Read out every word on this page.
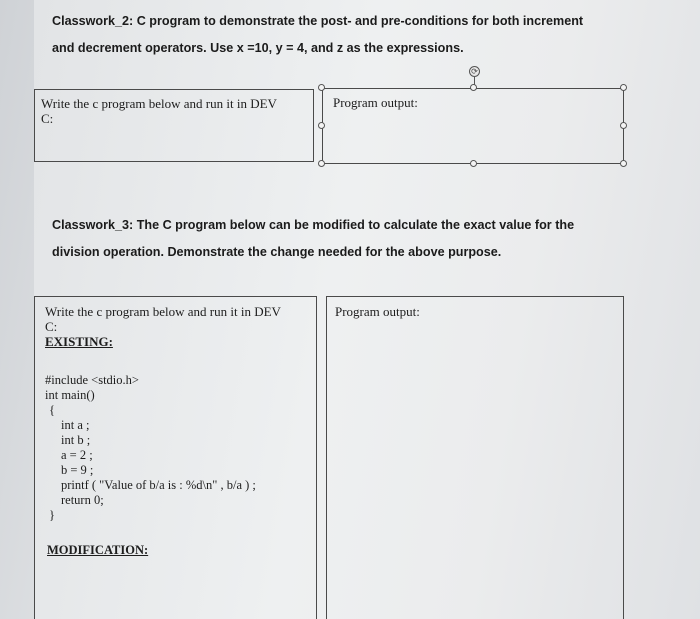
Classwork_2: C program to demonstrate the post- and pre-conditions for both increment
and decrement operators. Use x =10, y = 4, and z as the expressions.
Write the c program below and run it in DEV
C:
Program output:
⟳
Classwork_3: The C program below can be modified to calculate the exact value for the
division operation. Demonstrate the change needed for the above purpose.
Write the c program below and run it in DEV
C:
EXISTING:
#include <stdio.h>
int main()
{
int a ;
int b ;
a = 2 ;
b = 9 ;
printf ( "Value of b/a is : %d\n" , b/a ) ;
return 0;
}
MODIFICATION:
Program output:
